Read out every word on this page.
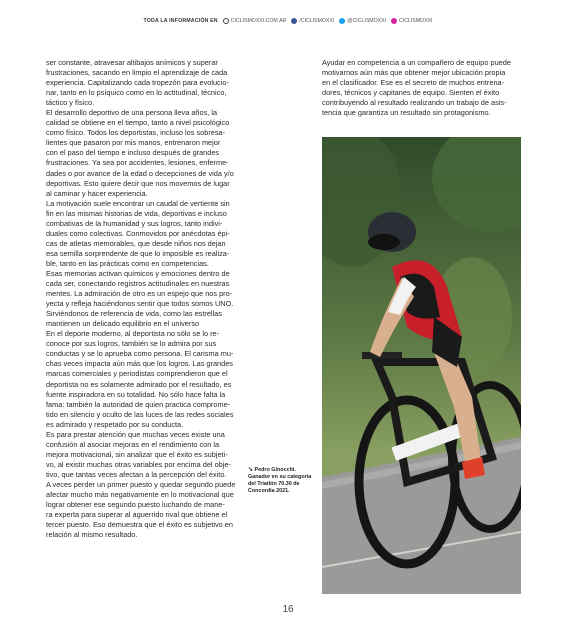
TODA LA INFORMACIÓN EN	CICLISMOXXI.COM.AR	/CICLISMOXXI	@CICLISMOXXI	CICLISMOXXI
ser constante, atravesar altibajos anímicos y superar
frustraciones, sacando en limpio el aprendizaje de cada
experiencia. Capitalizando cada tropezón para evolucio-
nar, tanto en lo psíquico como en lo actitudinal, técnico,
táctico y físico.
El desarrollo deportivo de una persona lleva años, la
calidad se obtiene en el tiempo, tanto a nivel psicológico
como físico. Todos los deportistas, incluso los sobresa-
lientes que pasaron por mis manos, entrenaron mejor
con el paso del tiempo e incluso después de grandes
frustraciones. Ya sea por accidentes, lesiones, enferme-
dades o por avance de la edad o decepciones de vida y/o
deportivas. Esto quiere decir que nos movemos de lugar
al caminar y hacer experiencia.
La motivación suele encontrar un caudal de vertiente sin
fin en las mismas historias de vida, deportivas e incluso
combativas de la humanidad y sus logros, tanto indivi-
duales como colectivas. Conmovidos por anécdotas épi-
cas de atletas memorables, que desde niños nos dejan
esa semilla sorprendente de que lo imposible es realiza-
ble, tanto en las prácticas como en competencias.
Esas memorias activan químicos y emociones dentro de
cada ser, conectando registros actitudinales en nuestras
mentes. La admiración de otro es un espejo que nos pro-
yecta y refleja haciéndonos sentir que todos somos UNO.
Sirviéndonos de referencia de vida, como las estrellas
mantienen un delicado equilibrio en el universo
En el deporte moderno, al deportista no sólo se lo re-
conoce por sus logros, también se lo admira por sus
conductas y se lo aprueba como persona. El carisma mu-
chas veces impacta aún más que los logros. Las grandes
marcas comerciales y periodistas comprendieron que el
deportista no es solamente admirado por el resultado, es
fuente inspiradora en su totalidad. No sólo hace falta la
fama: también la autoridad de quien practica comprome-
tido en silencio y oculto de las luces de las redes sociales
es admirado y respetado por su conducta.
Es para prestar atención que muchas veces existe una
confusión al asociar mejoras en el rendimiento con la
mejora motivacional, sin analizar que el éxito es subjeti-
vo, al existir muchas otras variables por encima del obje-
tivo, que tantas veces afectan a la percepción del éxito.
A veces perder un primer puesto y quedar segundo puede
afectar mucho más negativamente en lo motivacional que
lograr obtener ese segundo puesto luchando de mane-
ra experta para superar al aguerrido rival que obtiene el
tercer puesto. Eso demuestra que el éxito es subjetivo en
relación al mismo resultado.
Ayudar en competencia a un compañero de equipo puede
motivarnos aún más que obtener mejor ubicación propia
en el clasificador. Ese es el secreto de muchos entrena-
dores, técnicos y capitanes de equipo. Sienten el éxito
contribuyendo al resultado realizando un trabajo de asis-
tencia que garantiza un resultado sin protagonismo.
➘ Pedro Ginocchi.
Ganador en su categoría
del Triatlón 70.30 de
Concordia 2021.
16
